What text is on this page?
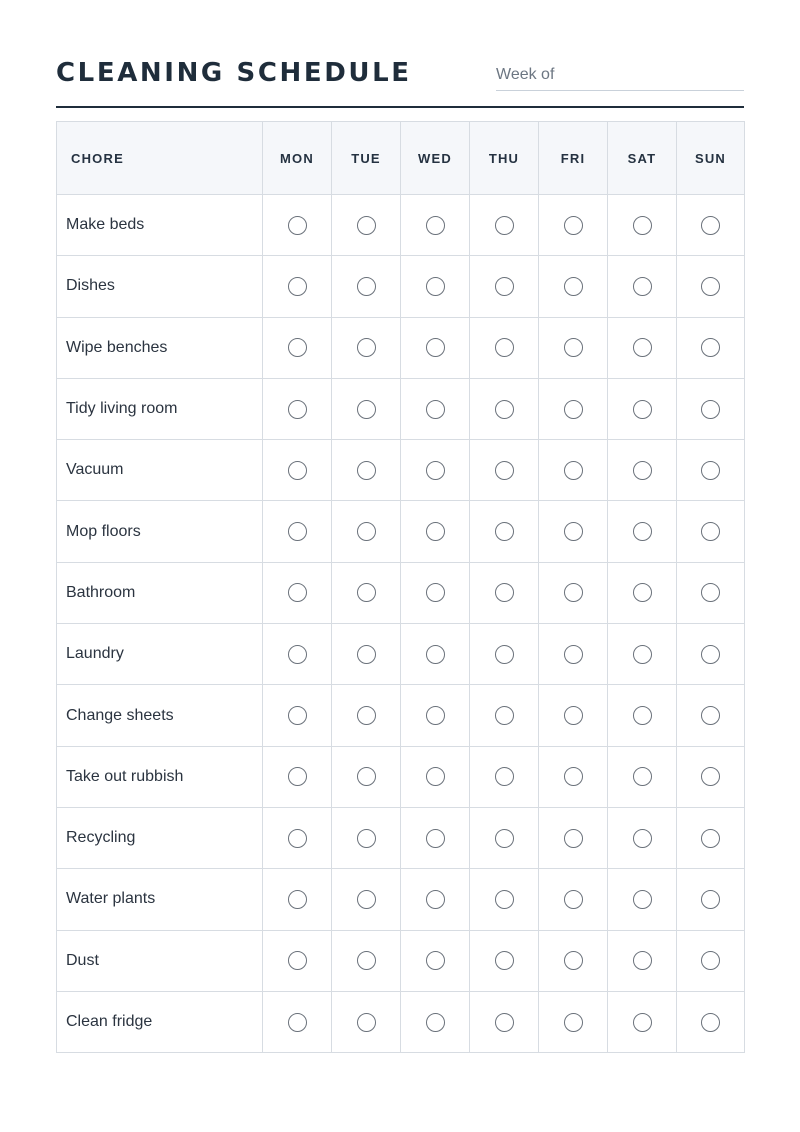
CLEANING SCHEDULE	Week of
CHORE	MON	TUE	WED	THU	FRI	SAT	SUN
Make beds							
Dishes							
Wipe benches							
Tidy living room							
Vacuum							
Mop floors							
Bathroom							
Laundry							
Change sheets							
Take out rubbish							
Recycling							
Water plants							
Dust							
Clean fridge							
